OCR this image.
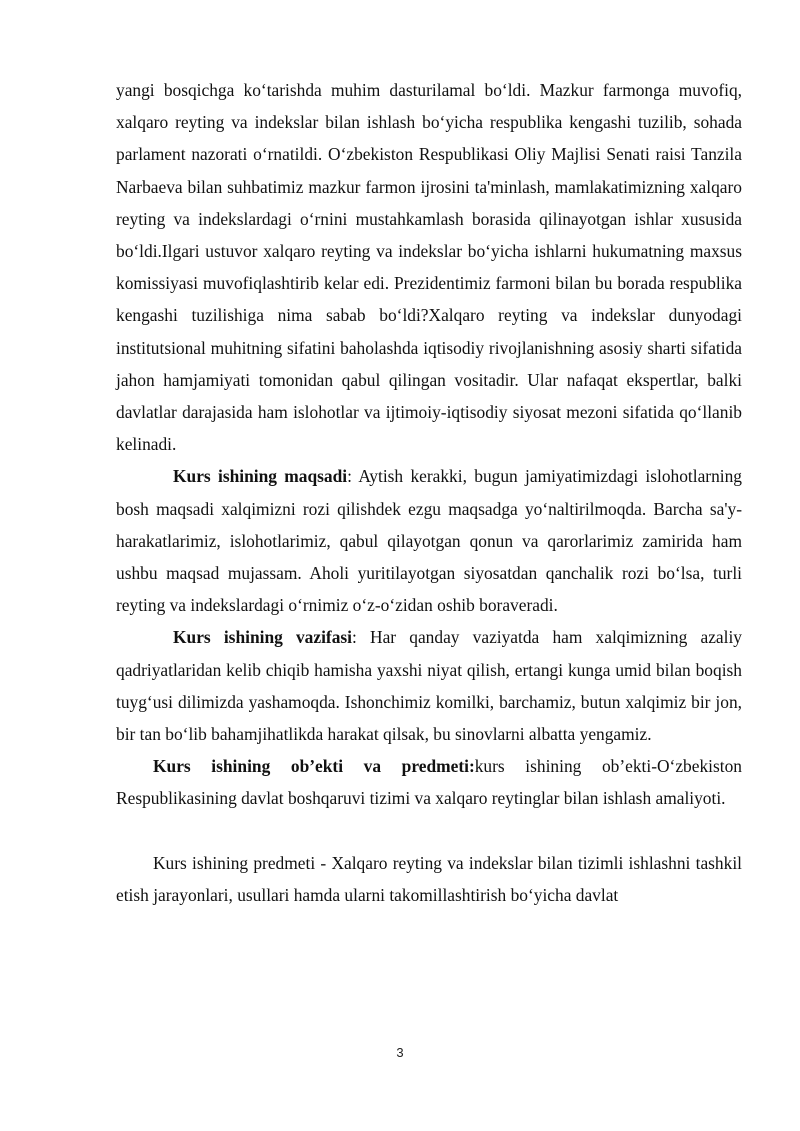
yangi bosqichga ko‘tarishda muhim dasturilamal bo‘ldi. Mazkur farmonga muvofiq, xalqaro reyting va indekslar bilan ishlash bo‘yicha respublika kengashi tuzilib, sohada parlament nazorati o‘rnatildi. O‘zbekiston Respublikasi Oliy Majlisi Senati raisi Tanzila Narbaeva bilan suhbatimiz mazkur farmon ijrosini ta'minlash, mamlakatimizning xalqaro reyting va indekslardagi o‘rnini mustahkamlash borasida qilinayotgan ishlar xususida bo‘ldi.Ilgari ustuvor xalqaro reyting va indekslar bo‘yicha ishlarni hukumatning maxsus komissiyasi muvofiqlashtirib kelar edi. Prezidentimiz farmoni bilan bu borada respublika kengashi tuzilishiga nima sabab bo‘ldi?Xalqaro reyting va indekslar dunyodagi institutsional muhitning sifatini baholashda iqtisodiy rivojlanishning asosiy sharti sifatida jahon hamjamiyati tomonidan qabul qilingan vositadir. Ular nafaqat ekspertlar, balki davlatlar darajasida ham islohotlar va ijtimoiy-iqtisodiy siyosat mezoni sifatida qo‘llanib kelinadi.

Kurs ishining maqsadi: Aytish kerakki, bugun jamiyatimizdagi islohotlarning bosh maqsadi xalqimizni rozi qilishdek ezgu maqsadga yo‘naltirilmoqda. Barcha sa'y-harakatlarimiz, islohotlarimiz, qabul qilayotgan qonun va qarorlarimiz zamirida ham ushbu maqsad mujassam. Aholi yuritilayotgan siyosatdan qanchalik rozi bo‘lsa, turli reyting va indekslardagi o‘rnimiz o‘z-o‘zidan oshib boraveradi.

Kurs ishining vazifasi: Har qanday vaziyatda ham xalqimizning azaliy qadriyatlaridan kelib chiqib hamisha yaxshi niyat qilish, ertangi kunga umid bilan boqish tuyg‘usi dilimizda yashamoqda. Ishonchimiz komilki, barchamiz, butun xalqimiz bir jon, bir tan bo‘lib bahamjihatlikda harakat qilsak, bu sinovlarni albatta yengamiz.

Kurs ishining ob’ekti va predmeti:kurs ishining ob’ekti-O‘zbekiston Respublikasining davlat boshqaruvi tizimi va xalqaro reytinglar bilan ishlash amaliyoti.

Kurs ishining predmeti - Xalqaro reyting va indekslar bilan tizimli ishlashni tashkil etish jarayonlari, usullari hamda ularni takomillashtirish bo‘yicha davlat

3
